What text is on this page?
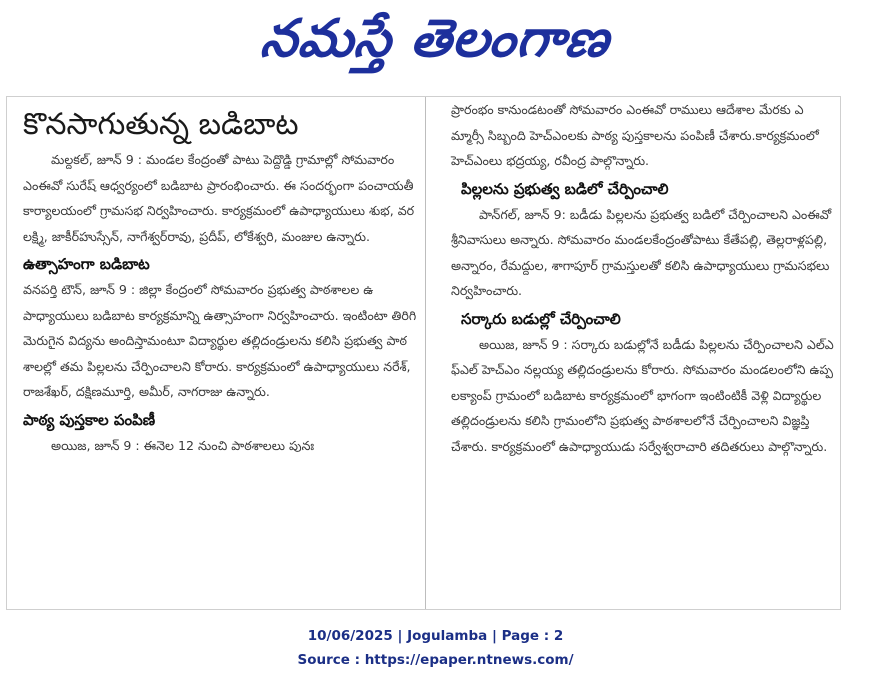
నమస్తే తెలంగాణ
కొనసాగుతున్న బడిబాట
మల్దకల్, జూన్ 9 : మండల కేంద్రంతో పాటు పెద్దొడ్డి గ్రామాల్లో సోమవారం ఎంఈవో సురేష్ ఆధ్వర్యంలో బడిబాట ప్రారంభించారు. ఈ సందర్భంగా పంచాయతీ కార్యాలయంలో గ్రామసభ నిర్వహించారు. కార్యక్రమంలో ఉపాధ్యాయులు శుభ, వరలక్ష్మి, జాకీర్‌హుస్సేన్, నాగేశ్వర్‌రావు, ప్రదీప్, లోకేశ్వరి, మంజుల ఉన్నారు.
ఉత్సాహంగా బడిబాట
వనపర్తి టౌన్, జూన్ 9 : జిల్లా కేంద్రంలో సోమవారం ప్రభుత్వ పాఠశాలల ఉపాధ్యాయులు బడిబాట కార్యక్రమాన్ని ఉత్సాహంగా నిర్వహించారు. ఇంటింటా తిరిగి మెరుగైన విద్యను అందిస్తామంటూ విద్యార్థుల తల్లిదండ్రులను కలిసి ప్రభుత్వ పాఠశాలల్లో తమ పిల్లలను చేర్పించాలని కోరారు. కార్యక్రమంలో ఉపాధ్యాయులు నరేశ్, రాజశేఖర్, దక్షిణమూర్తి, అమీర్, నాగరాజు ఉన్నారు.
పాఠ్య పుస్తకాల పంపిణీ
అయిజ, జూన్ 9 : ఈనెల 12 నుంచి పాఠశాలలు పునః
ప్రారంభం కానుండటంతో సోమవారం ఎంఈవో రాములు ఆదేశాల మేరకు ఎమ్మార్సీ సిబ్బంది హెచ్‌ఎంలకు పాఠ్య పుస్తకాలను పంపిణీ చేశారు.కార్యక్రమంలో హెచ్‌ఎంలు భద్రయ్య, రవీంద్ర పాల్గొన్నారు.
పిల్లలను ప్రభుత్వ బడిలో చేర్పించాలి
పాన్‌గల్, జూన్ 9: బడీడు పిల్లలను ప్రభుత్వ బడిలో చేర్పించాలని ఎంఈవో శ్రీనివాసులు అన్నారు. సోమవారం మండలకేంద్రంతోపాటు కేతేపల్లి, తెల్లరాళ్లపల్లి, అన్నారం, రేమద్దుల, శాగాపూర్ గ్రామస్తులతో కలిసి ఉపాధ్యాయులు గ్రామసభలు నిర్వహించారు.
సర్కారు బడుల్లో చేర్పించాలి
అయిజ, జూన్ 9 : సర్కారు బడుల్లోనే బడీడు పిల్లలను చేర్పించాలని ఎల్‌ఎఫ్‌ఎల్ హెచ్‌ఎం నల్లయ్య తల్లిదండ్రులను కోరారు. సోమవారం మండలంలోని ఉప్పలక్యాంప్ గ్రామంలో బడిబాట కార్యక్రమంలో భాగంగా ఇంటింటికీ వెళ్లి విద్యార్థుల తల్లిదండ్రులను కలిసి గ్రామంలోని ప్రభుత్వ పాఠశాలలోనే చేర్పించాలని విజ్ఞప్తి చేశారు. కార్యక్రమంలో ఉపాధ్యాయుడు సర్వేశ్వరాచారి తదితరులు పాల్గొన్నారు.
10/06/2025 | Jogulamba | Page : 2
Source : https://epaper.ntnews.com/
